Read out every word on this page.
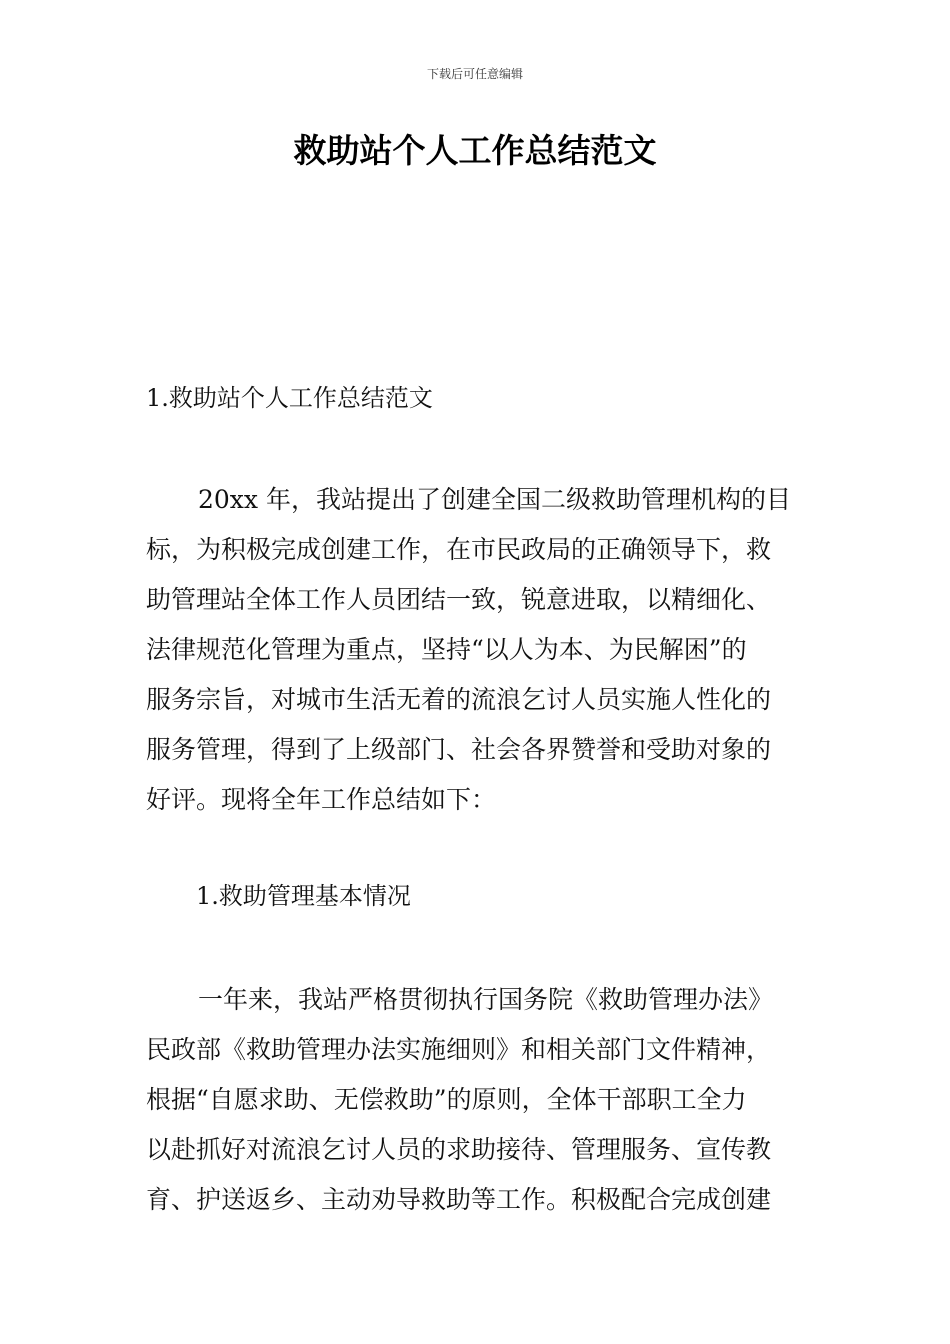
下载后可任意编辑
救助站个人工作总结范文
1.救助站个人工作总结范文
20xx 年，我站提出了创建全国二级救助管理机构的目
标，为积极完成创建工作，在市民政局的正确领导下，救
助管理站全体工作人员团结一致，锐意进取，以精细化、
法律规范化管理为重点，坚持“以人为本、为民解困”的
服务宗旨，对城市生活无着的流浪乞讨人员实施人性化的
服务管理，得到了上级部门、社会各界赞誉和受助对象的
好评。现将全年工作总结如下：
1.救助管理基本情况
一年来，我站严格贯彻执行国务院《救助管理办法》
民政部《救助管理办法实施细则》和相关部门文件精神，
根据“自愿求助、无偿救助”的原则，全体干部职工全力
以赴抓好对流浪乞讨人员的求助接待、管理服务、宣传教
育、护送返乡、主动劝导救助等工作。积极配合完成创建
